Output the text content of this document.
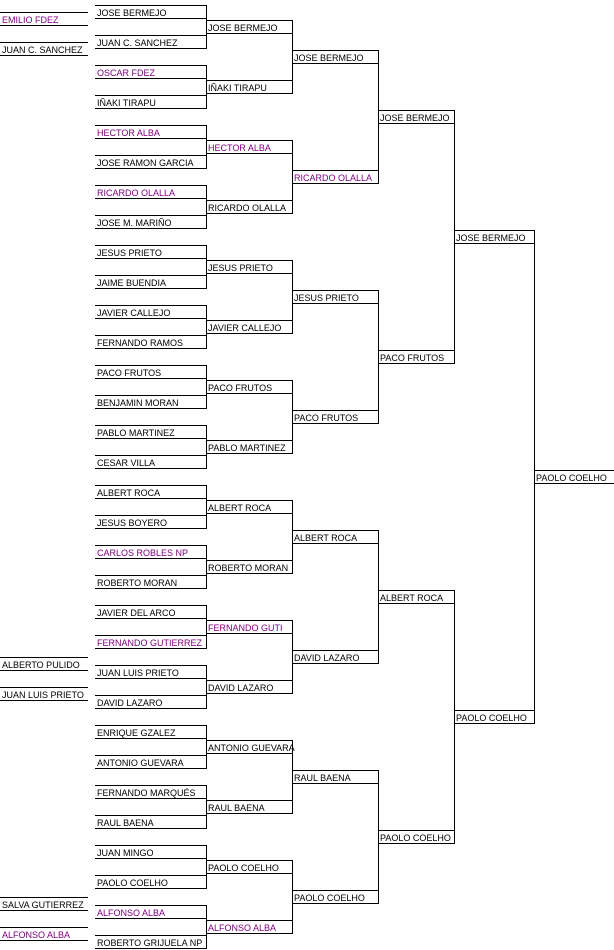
EMILIO FDEZ
JUAN C. SANCHEZ
ALBERTO PULIDO
JUAN LUIS PRIETO
SALVA GUTIERREZ
ALFONSO ALBA
JOSE BERMEJO
JUAN C. SANCHEZ
OSCAR FDEZ
IÑAKI TIRAPU
HECTOR ALBA
JOSE RAMON GARCIA
RICARDO OLALLA
JOSE M. MARIÑO
JESUS PRIETO
JAIME BUENDIA
JAVIER CALLEJO
FERNANDO RAMOS
PACO FRUTOS
BENJAMIN MORAN
PABLO MARTINEZ
CESAR VILLA
ALBERT ROCA
JESUS BOYERO
CARLOS ROBLES NP
ROBERTO MORAN
JAVIER DEL ARCO
FERNANDO GUTIERREZ
JUAN LUIS PRIETO
DAVID LAZARO
ENRIQUE GZALEZ
ANTONIO GUEVARA
FERNANDO MARQUÉS
RAUL BAENA
JUAN MINGO
PAOLO COELHO
ALFONSO ALBA
ROBERTO GRIJUELA NP
JOSE BERMEJO
IÑAKI TIRAPU
HECTOR ALBA
RICARDO OLALLA
JESUS PRIETO
JAVIER CALLEJO
PACO FRUTOS
PABLO MARTINEZ
ALBERT ROCA
ROBERTO MORAN
FERNANDO GUTI
DAVID LAZARO
ANTONIO GUEVARA
RAUL BAENA
PAOLO COELHO
ALFONSO ALBA
JOSE BERMEJO
RICARDO OLALLA
JESUS PRIETO
PACO FRUTOS
ALBERT ROCA
DAVID LAZARO
RAUL BAENA
PAOLO COELHO
JOSE BERMEJO
PACO FRUTOS
ALBERT ROCA
PAOLO COELHO
JOSE BERMEJO
PAOLO COELHO
PAOLO COELHO
